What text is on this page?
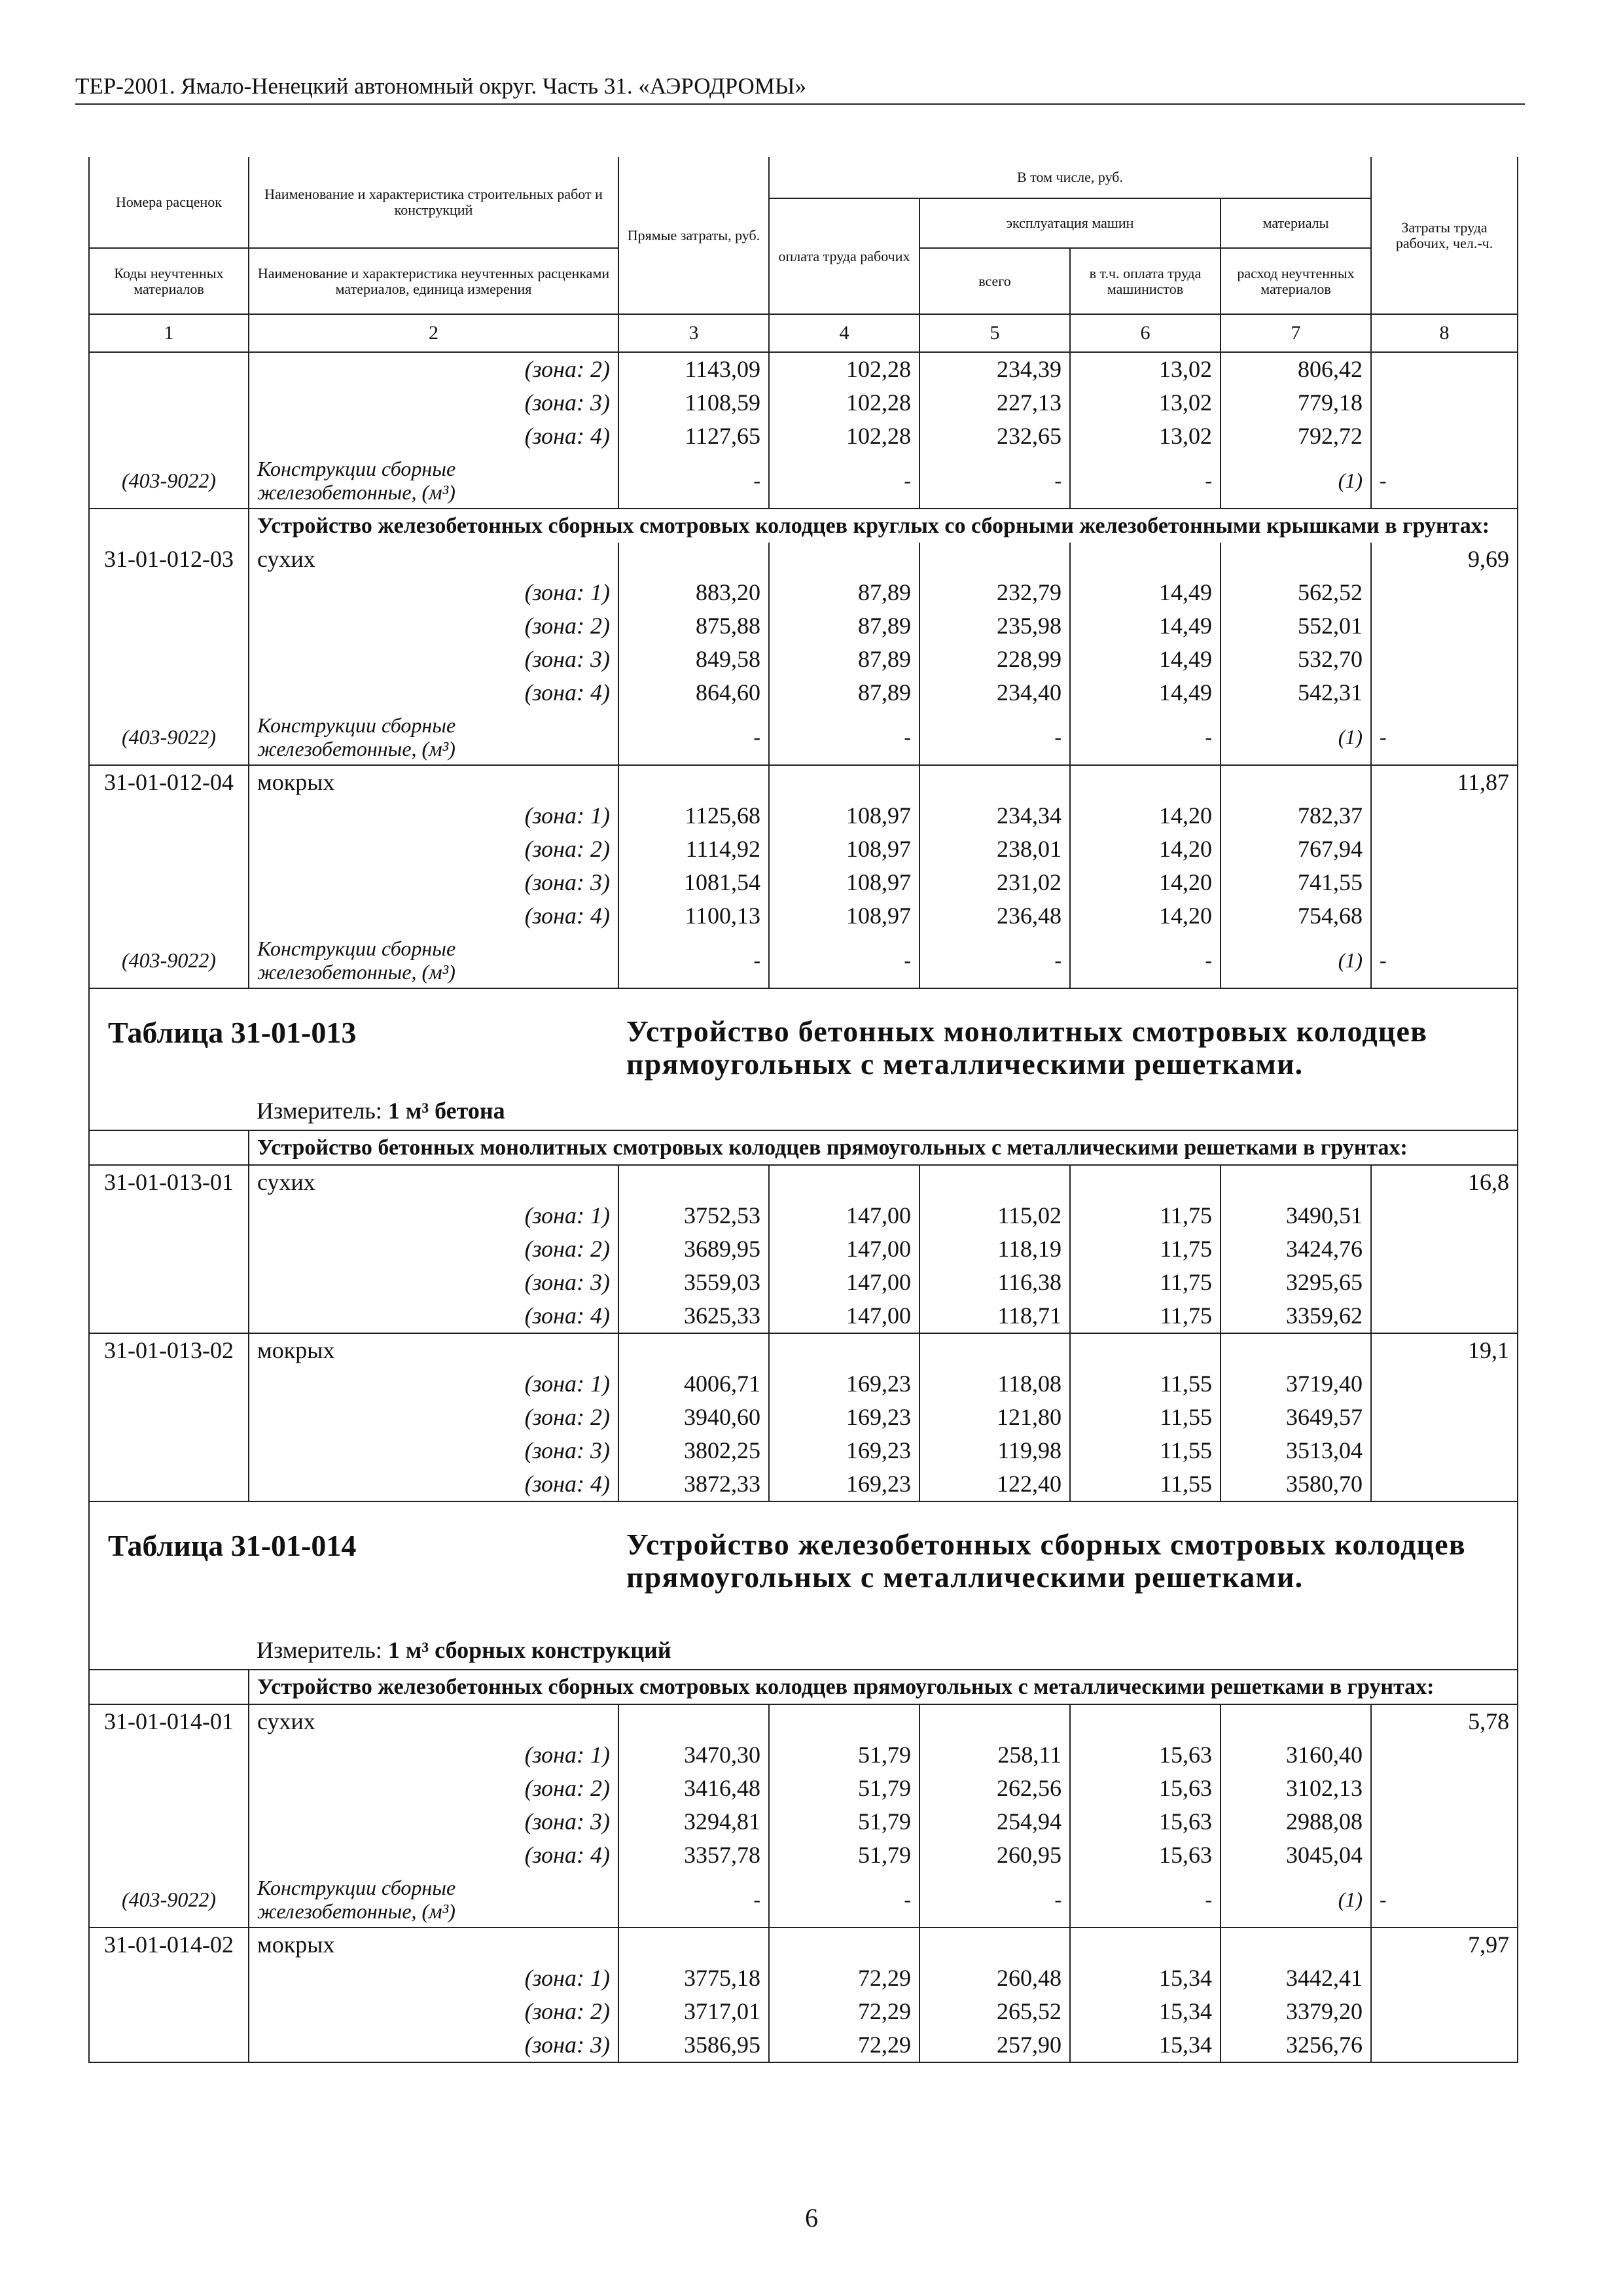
ТЕР-2001. Ямало-Ненецкий автономный округ. Часть 31. «АЭРОДРОМЫ»
Номера расценок	Наименование и характеристика строительных работ и конструкций	Прямые затраты, руб.	В том числе, руб.				Затраты труда рабочих, чел.-ч.
			оплата труда рабочих	эксплуатация машин		материалы	
Коды неучтенных материалов	Наименование и характеристика неучтенных расценками материалов, единица измерения			всего	в т.ч. оплата труда машинистов	расход неучтенных материалов	

1	2	3	4	5	6	7	8
	(зона: 2)	1143,09	102,28	234,39	13,02	806,42	
	(зона: 3)	1108,59	102,28	227,13	13,02	779,18	
	(зона: 4)	1127,65	102,28	232,65	13,02	792,72	
(403-9022)	Конструкции сборные железобетонные, (м³)	-	-	-	-	(1)	-
	Устройство железобетонных сборных смотровых колодцев круглых со сборными железобетонными крышками в грунтах:						
31-01-012-03	сухих						9,69
	(зона: 1)	883,20	87,89	232,79	14,49	562,52	
	(зона: 2)	875,88	87,89	235,98	14,49	552,01	
	(зона: 3)	849,58	87,89	228,99	14,49	532,70	
	(зона: 4)	864,60	87,89	234,40	14,49	542,31	
(403-9022)	Конструкции сборные железобетонные, (м³)	-	-	-	-	(1)	-
31-01-012-04	мокрых						11,87
	(зона: 1)	1125,68	108,97	234,34	14,20	782,37	
	(зона: 2)	1114,92	108,97	238,01	14,20	767,94	
	(зона: 3)	1081,54	108,97	231,02	14,20	741,55	
	(зона: 4)	1100,13	108,97	236,48	14,20	754,68	
(403-9022)	Конструкции сборные железобетонные, (м³)	-	-	-	-	(1)	-
Таблица 31-01-013	Устройство бетонных монолитных смотровых колодцев прямоугольных с металлическими решетками.
Измеритель: 1 м³ бетона
	Устройство бетонных монолитных смотровых колодцев прямоугольных с металлическими решетками в грунтах:						
31-01-013-01	сухих						16,8
	(зона: 1)	3752,53	147,00	115,02	11,75	3490,51	
	(зона: 2)	3689,95	147,00	118,19	11,75	3424,76	
	(зона: 3)	3559,03	147,00	116,38	11,75	3295,65	
	(зона: 4)	3625,33	147,00	118,71	11,75	3359,62	
31-01-013-02	мокрых						19,1
	(зона: 1)	4006,71	169,23	118,08	11,55	3719,40	
	(зона: 2)	3940,60	169,23	121,80	11,55	3649,57	
	(зона: 3)	3802,25	169,23	119,98	11,55	3513,04	
	(зона: 4)	3872,33	169,23	122,40	11,55	3580,70	
Таблица 31-01-014	Устройство железобетонных сборных смотровых колодцев прямоугольных с металлическими решетками.
Измеритель: 1 м³ сборных конструкций
	Устройство железобетонных сборных смотровых колодцев прямоугольных с металлическими решетками в грунтах:						
31-01-014-01	сухих						5,78
	(зона: 1)	3470,30	51,79	258,11	15,63	3160,40	
	(зона: 2)	3416,48	51,79	262,56	15,63	3102,13	
	(зона: 3)	3294,81	51,79	254,94	15,63	2988,08	
	(зона: 4)	3357,78	51,79	260,95	15,63	3045,04	
(403-9022)	Конструкции сборные железобетонные, (м³)	-	-	-	-	(1)	-
31-01-014-02	мокрых						7,97
	(зона: 1)	3775,18	72,29	260,48	15,34	3442,41	
	(зона: 2)	3717,01	72,29	265,52	15,34	3379,20	
	(зона: 3)	3586,95	72,29	257,90	15,34	3256,76	
6
